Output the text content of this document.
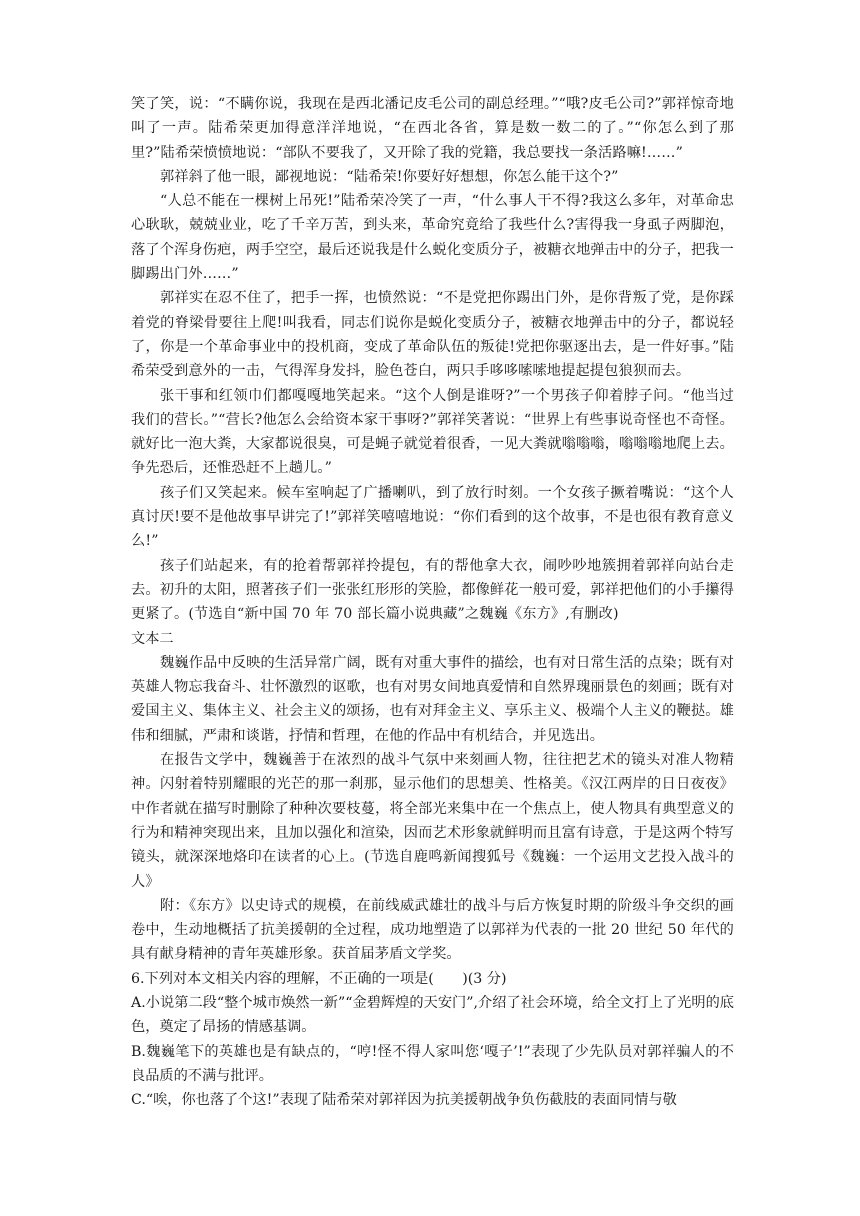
笑了笑，说：“不瞒你说，我现在是西北潘记皮毛公司的副总经理。”“哦?皮毛公司?”郭祥惊奇地叫了一声。陆希荣更加得意洋洋地说，“在西北各省，算是数一数二的了。”“你怎么到了那里?”陆希荣愤愤地说：“部队不要我了，又开除了我的党籍，我总要找一条活路嘛!……”

郭祥斜了他一眼，鄙视地说：“陆希荣!你要好好想想，你怎么能干这个?”

“人总不能在一棵树上吊死!”陆希荣冷笑了一声，“什么事人干不得?我这么多年，对革命忠心耿耿，兢兢业业，吃了千辛万苦，到头来，革命究竟给了我些什么?害得我一身虱子两脚泡，落了个浑身伤疤，两手空空，最后还说我是什么蜕化变质分子，被糖衣地弹击中的分子，把我一脚踢出门外……”

郭祥实在忍不住了，把手一挥，也愤然说：“不是党把你踢出门外，是你背叛了党，是你踩着党的脊梁骨要往上爬!叫我看，同志们说你是蜕化变质分子，被糖衣地弹击中的分子，都说轻了，你是一个革命事业中的投机商，变成了革命队伍的叛徒!党把你驱逐出去，是一件好事。”陆希荣受到意外的一击，气得浑身发抖，脸色苍白，两只手哆哆嗦嗦地提起提包狼狈而去。

张干事和红领巾们都嘎嘎地笑起来。“这个人倒是谁呀?”一个男孩子仰着脖子问。“他当过我们的营长。”“营长?他怎么会给资本家干事呀?”郭祥笑著说：“世界上有些事说奇怪也不奇怪。就好比一泡大粪，大家都说很臭，可是蝇子就觉着很香，一见大粪就嗡嗡嗡，嗡嗡嗡地爬上去。争先恐后，还惟恐赶不上趟儿。”

孩子们又笑起来。候车室响起了广播喇叭，到了放行时刻。一个女孩子撅着嘴说：“这个人真讨厌!要不是他故事早讲完了!”郭祥笑嘻嘻地说：“你们看到的这个故事，不是也很有教育意义么!”

孩子们站起来，有的抢着帮郭祥拎提包，有的帮他拿大衣，闹吵吵地簇拥着郭祥向站台走去。初升的太阳，照著孩子们一张张红形形的笑脸，都像鲜花一般可爱，郭祥把他们的小手攥得更紧了。(节选自“新中国 70 年 70 部长篇小说典藏”之魏巍《东方》,有删改)

文本二

魏巍作品中反映的生活异常广阔，既有对重大事件的描绘，也有对日常生活的点染；既有对英雄人物忘我奋斗、壮怀激烈的讴歌，也有对男女间地真爱情和自然界瑰丽景色的刻画；既有对爱国主义、集体主义、社会主义的颂扬，也有对拜金主义、享乐主义、极端个人主义的鞭挞。雄伟和细腻，严肃和谈谐，抒情和哲理，在他的作品中有机结合，并见选出。

在报告文学中，魏巍善于在浓烈的战斗气氛中来刻画人物，往往把艺术的镜头对准人物精神。闪射着特别耀眼的光芒的那一刹那，显示他们的思想美、性格美。《汉江两岸的日日夜夜》中作者就在描写时删除了种种次要枝蔓，将全部光来集中在一个焦点上，使人物具有典型意义的行为和精神突现出来，且加以强化和渲染，因而艺术形象就鲜明而且富有诗意，于是这两个特写镜头，就深深地烙印在读者的心上。(节选自鹿鸣新闻搜狐号《魏巍：一个运用文艺投入战斗的人》

附：《东方》以史诗式的规模，在前线威武雄壮的战斗与后方恢复时期的阶级斗争交织的画卷中，生动地概括了抗美援朝的全过程，成功地塑造了以郭祥为代表的一批 20 世纪 50 年代的具有献身精神的青年英雄形象。获首届茅盾文学奖。

6.下列对本文相关内容的理解，不正确的一项是(　　)(3 分)

A.小说第二段“整个城市焕然一新”“金碧辉煌的天安门”,介绍了社会环境，给全文打上了光明的底色，奠定了昂扬的情感基调。

B.魏巍笔下的英雄也是有缺点的，“哼!怪不得人家叫您‘嘎子’!”表现了少先队员对郭祥骗人的不良品质的不满与批评。

C.“唉，你也落了个这!”表现了陆希荣对郭祥因为抗美援朝战争负伤截肢的表面同情与敬
